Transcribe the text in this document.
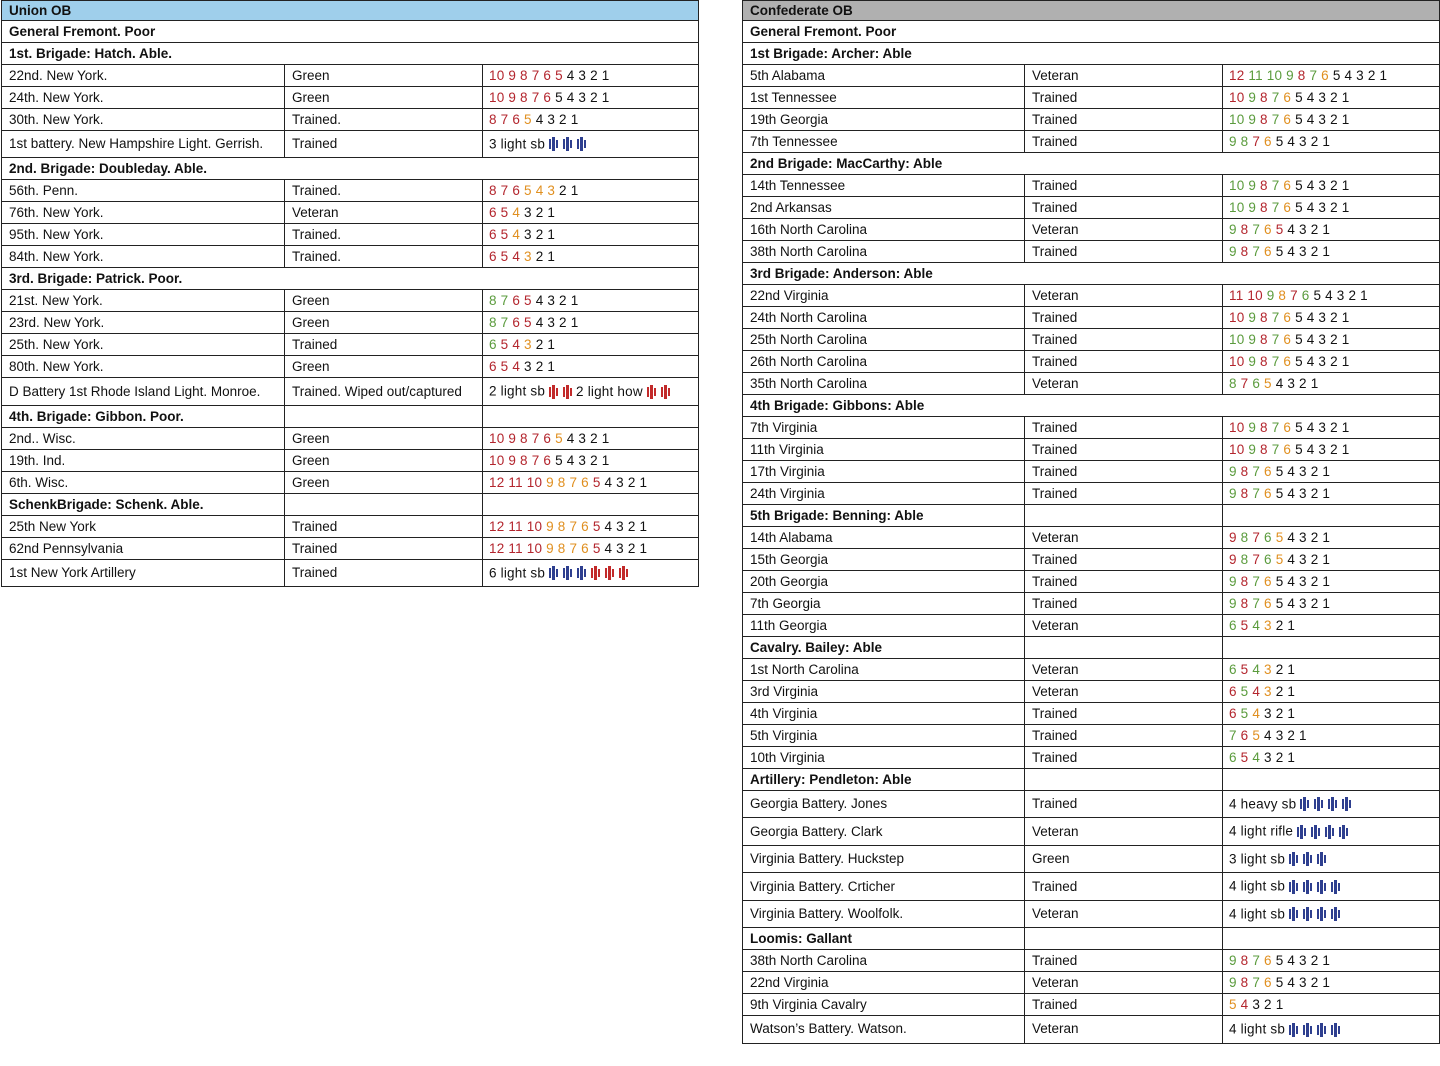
Union OB		
General Fremont. Poor		
1st. Brigade: Hatch. Able.		
22nd. New York.	Green	10 9 8 7 6 5 4 3 2 1
24th. New York.	Green	10 9 8 7 6 5 4 3 2 1
30th. New York.	Trained.	8 7 6 5 4 3 2 1
1st battery. New Hampshire Light. Gerrish.	Trained	3 light sb

2nd. Brigade: Doubleday. Able.		
56th. Penn.	Trained.	8 7 6 5 4 3 2 1
76th. New York.	Veteran	6 5 4 3 2 1
95th. New York.	Trained.	6 5 4 3 2 1
84th. New York.	Trained.	6 5 4 3 2 1
3rd. Brigade: Patrick. Poor.		
21st. New York.	Green	8 7 6 5 4 3 2 1
23rd. New York.	Green	8 7 6 5 4 3 2 1
25th. New York.	Trained	6 5 4 3 2 1
80th. New York.	Green	6 5 4 3 2 1
D Battery 1st Rhode Island Light. Monroe.	Trained. Wiped out/captured	2 light sb 2 light how

4th. Brigade: Gibbon. Poor.		
2nd.. Wisc.	Green	10 9 8 7 6 5 4 3 2 1
19th. Ind.	Green	10 9 8 7 6 5 4 3 2 1
6th. Wisc.	Green	12 11 10 9 8 7 6 5 4 3 2 1
SchenkBrigade: Schenk. Able.		
25th New York	Trained	12 11 10 9 8 7 6 5 4 3 2 1
62nd Pennsylvania	Trained	12 11 10 9 8 7 6 5 4 3 2 1
1st New York Artillery	Trained	6 light sb
Confederate OB		
General Fremont. Poor		
1st Brigade: Archer: Able		
5th Alabama	Veteran	12 11 10 9 8 7 6 5 4 3 2 1
1st Tennessee	Trained	10 9 8 7 6 5 4 3 2 1
19th Georgia	Trained	10 9 8 7 6 5 4 3 2 1
7th Tennessee	Trained	9 8 7 6 5 4 3 2 1
2nd Brigade: MacCarthy: Able		
14th Tennessee	Trained	10 9 8 7 6 5 4 3 2 1
2nd Arkansas	Trained	10 9 8 7 6 5 4 3 2 1
16th North Carolina	Veteran	9 8 7 6 5 4 3 2 1
38th North Carolina	Trained	9 8 7 6 5 4 3 2 1
3rd Brigade: Anderson: Able		
22nd Virginia	Veteran	11 10 9 8 7 6 5 4 3 2 1
24th North Carolina	Trained	10 9 8 7 6 5 4 3 2 1
25th North Carolina	Trained	10 9 8 7 6 5 4 3 2 1
26th North Carolina	Trained	10 9 8 7 6 5 4 3 2 1
35th North Carolina	Veteran	8 7 6 5 4 3 2 1
4th Brigade: Gibbons: Able		
7th Virginia	Trained	10 9 8 7 6 5 4 3 2 1
11th Virginia	Trained	10 9 8 7 6 5 4 3 2 1
17th Virginia	Trained	9 8 7 6 5 4 3 2 1
24th Virginia	Trained	9 8 7 6 5 4 3 2 1
5th Brigade: Benning: Able		
14th Alabama	Veteran	9 8 7 6 5 4 3 2 1
15th Georgia	Trained	9 8 7 6 5 4 3 2 1
20th Georgia	Trained	9 8 7 6 5 4 3 2 1
7th Georgia	Trained	9 8 7 6 5 4 3 2 1
11th Georgia	Veteran	6 5 4 3 2 1
Cavalry. Bailey: Able		
1st North Carolina	Veteran	6 5 4 3 2 1
3rd Virginia	Veteran	6 5 4 3 2 1
4th Virginia	Trained	6 5 4 3 2 1
5th Virginia	Trained	7 6 5 4 3 2 1
10th Virginia	Trained	6 5 4 3 2 1
Artillery: Pendleton: Able		
Georgia Battery. Jones	Trained	4 heavy sb

Georgia Battery. Clark	Veteran	4 light rifle

Virginia Battery. Huckstep	Green	3 light sb

Virginia Battery. Crticher	Trained	4 light sb

Virginia Battery. Woolfolk.	Veteran	4 light sb

Loomis: Gallant		
38th North Carolina	Trained	9 8 7 6 5 4 3 2 1
22nd Virginia	Veteran	9 8 7 6 5 4 3 2 1
9th Virginia Cavalry	Trained	5 4 3 2 1
Watson’s Battery. Watson.	Veteran	4 light sb
